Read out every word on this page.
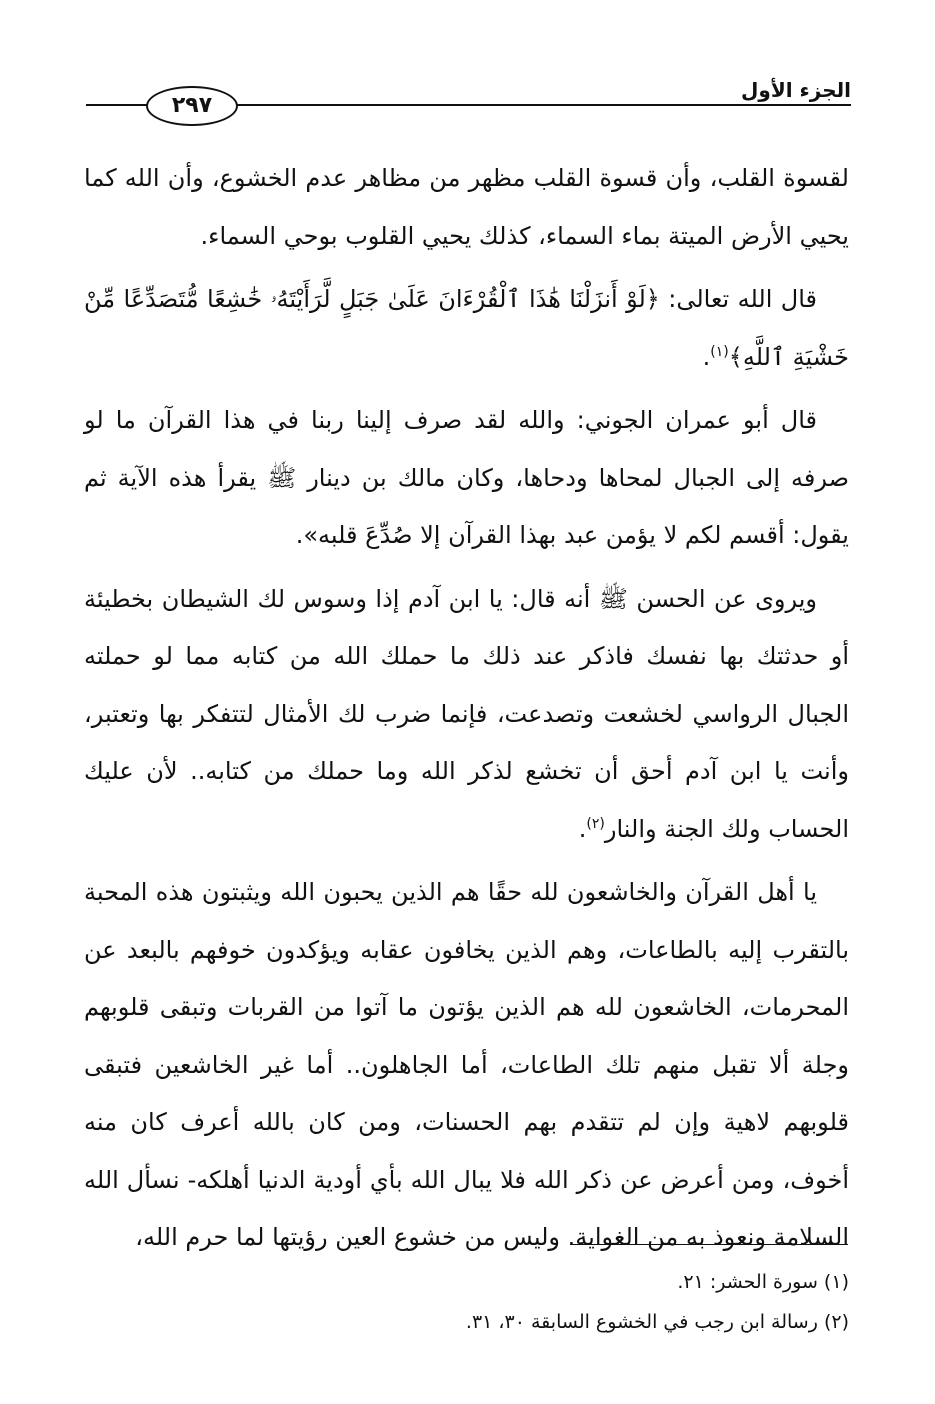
الجزء الأول
٢٩٧

لقسوة القلب، وأن قسوة القلب مظهر من مظاهر عدم الخشوع، وأن الله كما يحيي الأرض الميتة بماء السماء، كذلك يحيي القلوب بوحي السماء.

قال الله تعالى: ﴿لَوْ أَنزَلْنَا هَٰذَا ٱلْقُرْءَانَ عَلَىٰ جَبَلٍ لَّرَأَيْتَهُۥ خَٰشِعًا مُّتَصَدِّعًا مِّنْ خَشْيَةِ ٱللَّهِ﴾$^{(١)}$.

قال أبو عمران الجوني: والله لقد صرف إلينا ربنا في هذا القرآن ما لو صرفه إلى الجبال لمحاها ودحاها، وكان مالك بن دينار ﷺ يقرأ هذه الآية ثم يقول: أقسم لكم لا يؤمن عبد بهذا القرآن إلا صُدِّعَ قلبه».

ويروى عن الحسن ﷺ أنه قال: يا ابن آدم إذا وسوس لك الشيطان بخطيئة أو حدثتك بها نفسك فاذكر عند ذلك ما حملك الله من كتابه مما لو حملته الجبال الرواسي لخشعت وتصدعت، فإنما ضرب لك الأمثال لتتفكر بها وتعتبر، وأنت يا ابن آدم أحق أن تخشع لذكر الله وما حملك من كتابه.. لأن عليك الحساب ولك الجنة والنار$^{(٢)}$.

يا أهل القرآن والخاشعون لله حقًا هم الذين يحبون الله ويثبتون هذه المحبة بالتقرب إليه بالطاعات، وهم الذين يخافون عقابه ويؤكدون خوفهم بالبعد عن المحرمات، الخاشعون لله هم الذين يؤتون ما آتوا من القربات وتبقى قلوبهم وجلة ألا تقبل منهم تلك الطاعات، أما الجاهلون.. أما غير الخاشعين فتبقى قلوبهم لاهية وإن لم تتقدم بهم الحسنات، ومن كان بالله أعرف كان منه أخوف، ومن أعرض عن ذكر الله فلا يبال الله بأي أودية الدنيا أهلكه- نسأل الله السلامة ونعوذ به من الغواية. وليس من خشوع العين رؤيتها لما حرم الله،

(١) سورة الحشر: ٢١.

(٢) رسالة ابن رجب في الخشوع السابقة ٣٠، ٣١.
